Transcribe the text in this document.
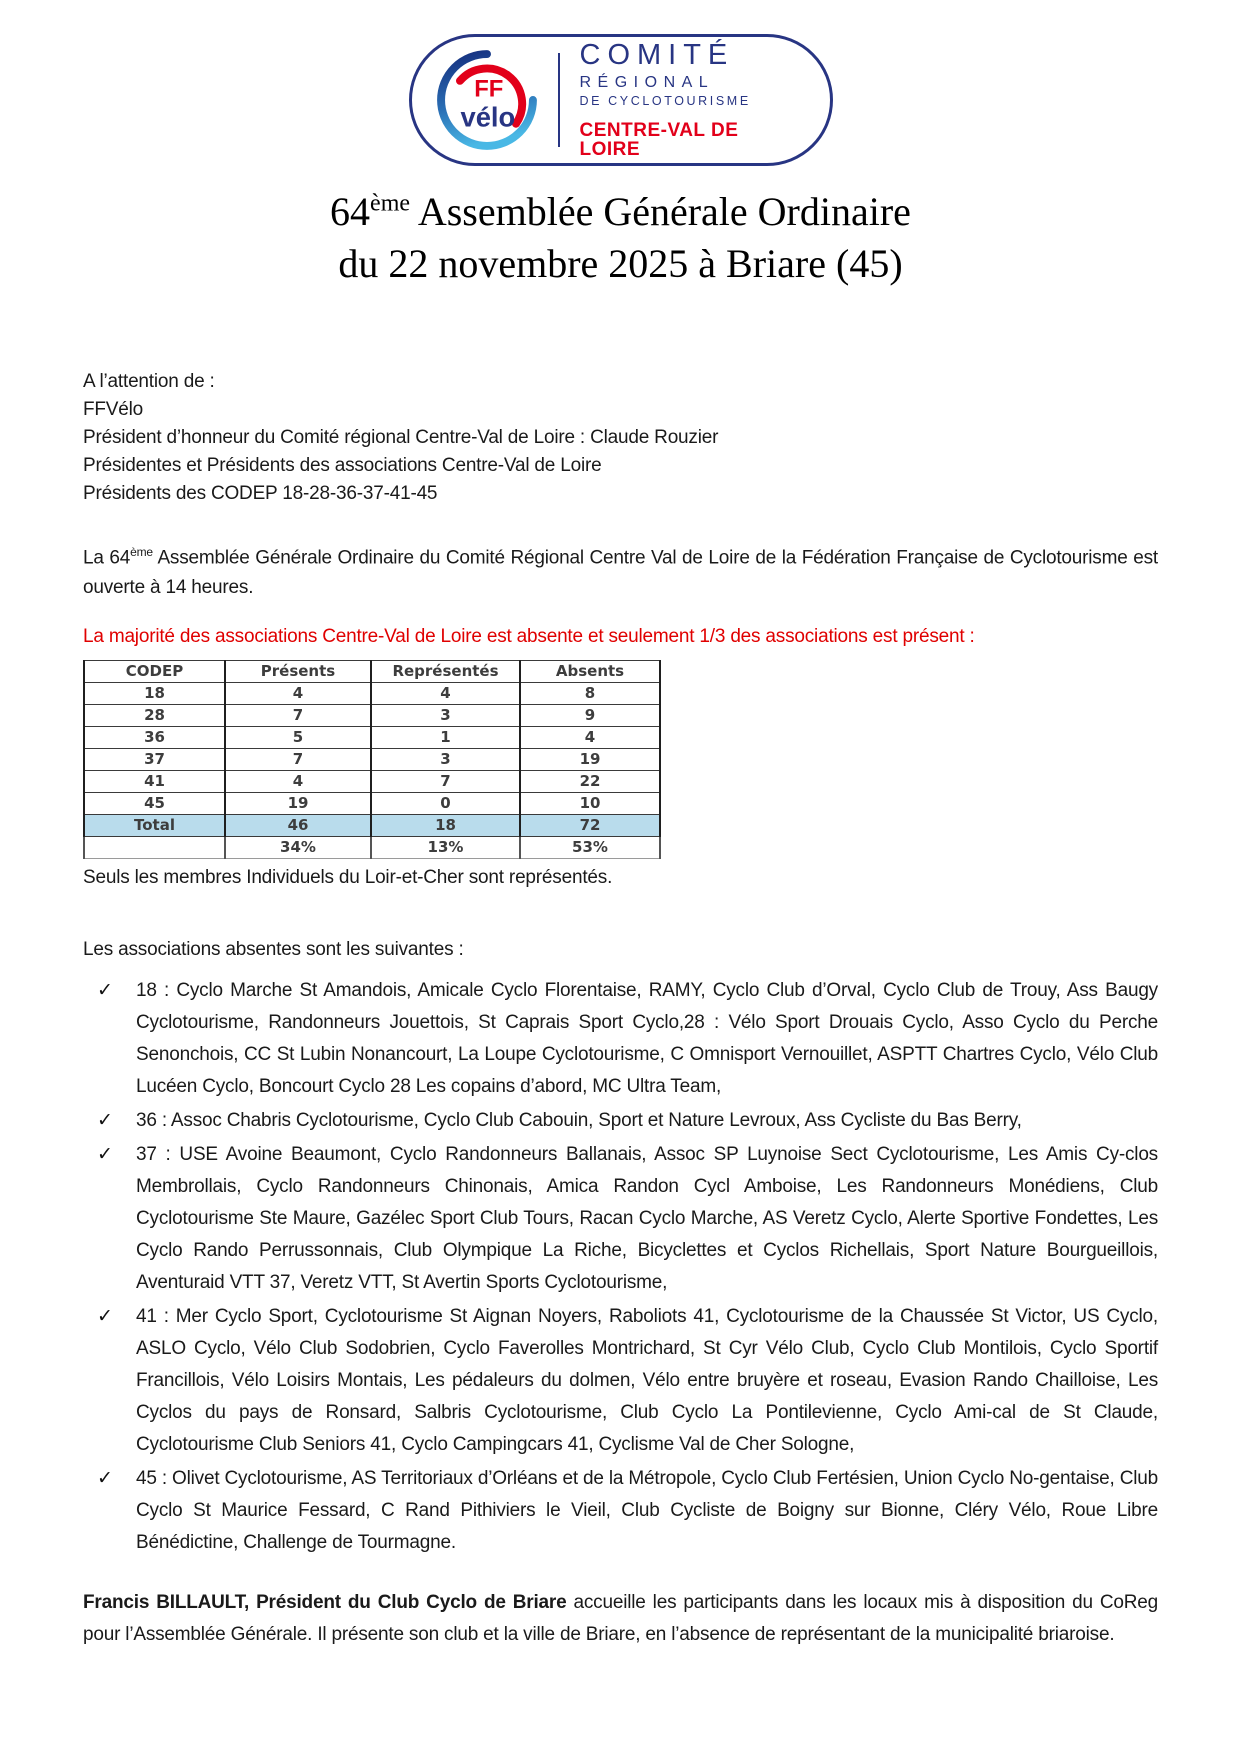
FF
vélo
COMITÉ
RÉGIONAL
DE CYCLOTOURISME
CENTRE-VAL DE LOIRE
64ème Assemblée Générale Ordinaire
du 22 novembre 2025 à Briare (45)
A l’attention de :
FFVélo
Président d’honneur du Comité régional Centre-Val de Loire : Claude Rouzier
Présidentes et Présidents des associations Centre-Val de Loire
Présidents des CODEP 18-28-36-37-41-45

La 64ème Assemblée Générale Ordinaire du Comité Régional Centre Val de Loire de la Fédération Française de Cyclotourisme est ouverte à 14 heures.

La majorité des associations Centre-Val de Loire est absente et seulement 1/3 des associations est présent :

CODEP	Présents	Représentés	Absents
18	4	4	8
28	7	3	9
36	5	1	4
37	7	3	19
41	4	7	22
45	19	0	10
Total	46	18	72
	34%	13%	53%

Seuls les membres Individuels du Loir-et-Cher sont représentés.

Les associations absentes sont les suivantes :

✓ 18 : Cyclo Marche St Amandois, Amicale Cyclo Florentaise, RAMY, Cyclo Club d’Orval, Cyclo Club de Trouy, Ass Baugy Cyclotourisme, Randonneurs Jouettois, St Caprais Sport Cyclo,28 : Vélo Sport Drouais Cyclo, Asso Cyclo du Perche Senonchois, CC St Lubin Nonancourt, La Loupe Cyclotourisme, C Omnisport Vernouillet, ASPTT Chartres Cyclo, Vélo Club Lucéen Cyclo, Boncourt Cyclo 28 Les copains d’abord, MC Ultra Team,
✓ 36 : Assoc Chabris Cyclotourisme, Cyclo Club Cabouin, Sport et Nature Levroux, Ass Cycliste du Bas Berry,
✓ 37 : USE Avoine Beaumont, Cyclo Randonneurs Ballanais, Assoc SP Luynoise Sect Cyclotourisme, Les Amis Cy-clos Membrollais, Cyclo Randonneurs Chinonais, Amica Randon Cycl Amboise, Les Randonneurs Monédiens, Club Cyclotourisme Ste Maure, Gazélec Sport Club Tours, Racan Cyclo Marche, AS Veretz Cyclo, Alerte Sportive Fondettes, Les Cyclo Rando Perrussonnais, Club Olympique La Riche, Bicyclettes et Cyclos Richellais, Sport Nature Bourgueillois, Aventuraid VTT 37, Veretz VTT, St Avertin Sports Cyclotourisme,
✓ 41 : Mer Cyclo Sport, Cyclotourisme St Aignan Noyers, Raboliots 41, Cyclotourisme de la Chaussée St Victor, US Cyclo, ASLO Cyclo, Vélo Club Sodobrien, Cyclo Faverolles Montrichard, St Cyr Vélo Club, Cyclo Club Montilois, Cyclo Sportif Francillois, Vélo Loisirs Montais, Les pédaleurs du dolmen, Vélo entre bruyère et roseau, Evasion Rando Chailloise, Les Cyclos du pays de Ronsard, Salbris Cyclotourisme, Club Cyclo La Pontilevienne, Cyclo Ami-cal de St Claude, Cyclotourisme Club Seniors 41, Cyclo Campingcars 41, Cyclisme Val de Cher Sologne,
✓ 45 : Olivet Cyclotourisme, AS Territoriaux d’Orléans et de la Métropole, Cyclo Club Fertésien, Union Cyclo No-gentaise, Club Cyclo St Maurice Fessard, C Rand Pithiviers le Vieil, Club Cycliste de Boigny sur Bionne, Cléry Vélo, Roue Libre Bénédictine, Challenge de Tourmagne.

Francis BILLAULT, Président du Club Cyclo de Briare accueille les participants dans les locaux mis à disposition du CoReg pour l’Assemblée Générale. Il présente son club et la ville de Briare, en l’absence de représentant de la municipalité briaroise.
